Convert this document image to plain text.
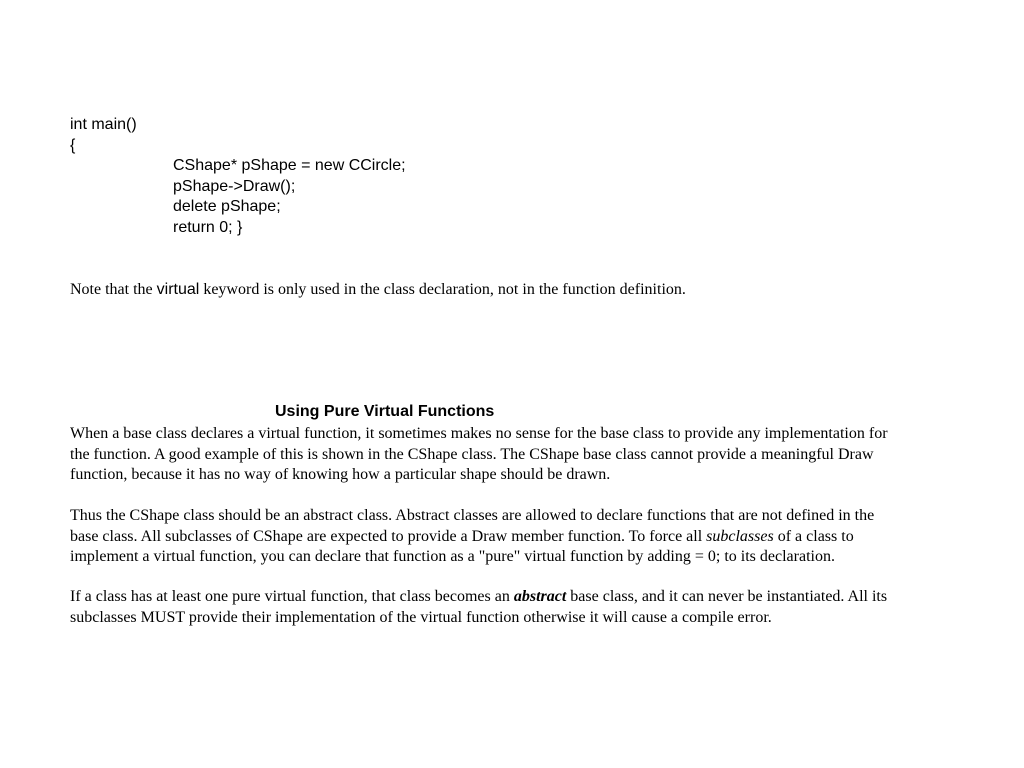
int main()
{
CShape* pShape = new CCircle;
pShape->Draw();
delete pShape;
return 0; }
Note that the virtual keyword is only used in the class declaration, not in the function definition.
Using Pure Virtual Functions
When a base class declares a virtual function, it sometimes makes no sense for the base class to provide any implementation for
the function. A good example of this is shown in the CShape class. The CShape base class cannot provide a meaningful Draw
function, because it has no way of knowing how a particular shape should be drawn.
Thus the CShape class should be an abstract class. Abstract classes are allowed to declare functions that are not defined in the
base class. All subclasses of CShape are expected to provide a Draw member function. To force all subclasses of a class to
implement a virtual function, you can declare that function as a "pure" virtual function by adding = 0; to its declaration.
If a class has at least one pure virtual function, that class becomes an abstract base class, and it can never be instantiated. All its
subclasses MUST provide their implementation of the virtual function otherwise it will cause a compile error.
